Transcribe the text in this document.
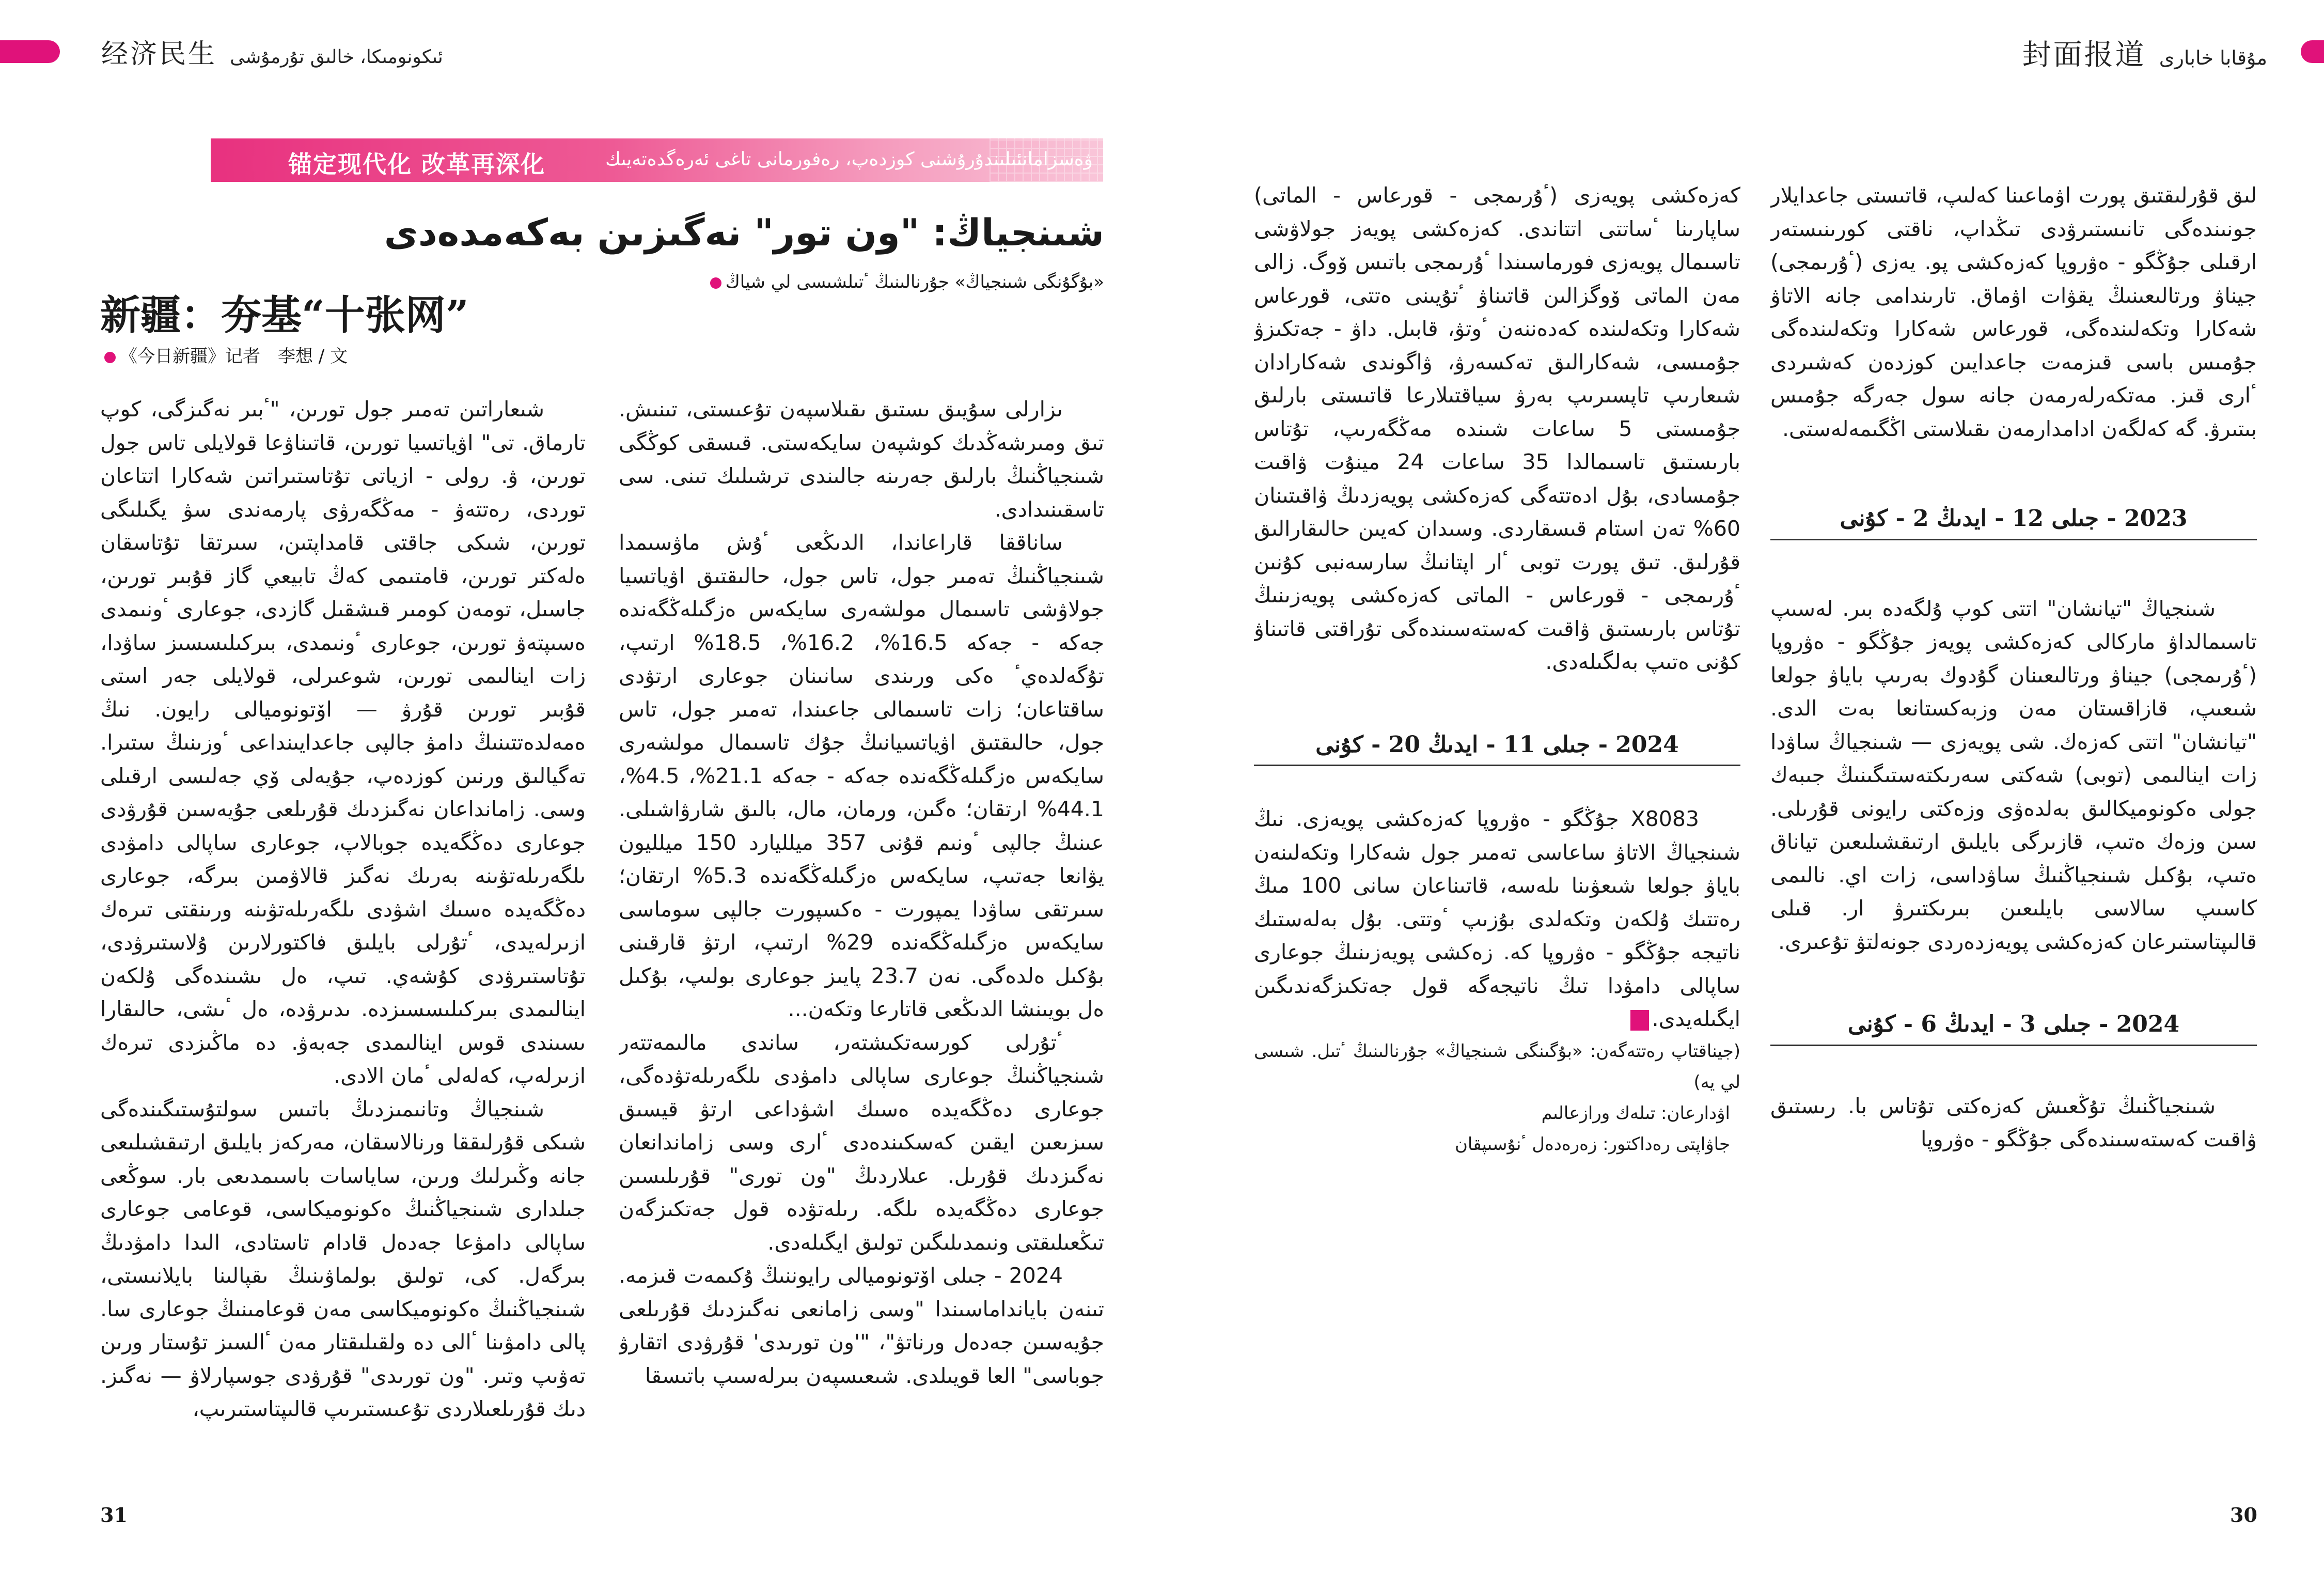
经济民生 ئىكونومىكا، خالىق تۇرمۇشى	封面报道 مۇقابا خابارى
锚定现代化 改革再深化	ۋەسزامانئىلىندۇرۇشنى كوزدەپ، رەفورمانى تاغى ئەرەگدەتەيىك
شىنجياڭ: "ون تور" نەگىزىن بەكەمدەدى
«بۇگۇنگى شىنجياڭ» جۇرنالىنىڭ ٴتىلشىسى لي شياڭ
新疆：夯基“十张网”
《今日新疆》记者　李想 / 文

ىزارلى سۇيىق ىستىق ىقىلاسپەن تۇعىستى، تىنىش. تىق ومىرشەڭدىك كوشپەن سايكەستى. قىسقى كوڭگى شىنجياڭنىڭ بارلىق جەرىنە جالىندى ترشىلىك تىنى. سى تاسقىنىدادى.

ساناققا قاراعاندا، الدىڭعى ٴۇش ماۋسىمدا شىنجياڭنىڭ تەمىر جول، تاس جول، حالىقتىق اۋياتسيا جولاۋشى تاسىمال مولشەرى سايكەس ەزگىلەڭگەندە جەكە - جەكە 16.5%، 16.2%، 18.5% ارتىپ، تۇگەلدەيٴ ەكى ورىندى سانىنان جوعارى ارتۋدى ساقتاعان؛ زات تاسىمالى جاعىندا، تەمىر جول، تاس جول، حالىقتىق اۋياتسيانىڭ جۇك تاسىمال مولشەرى سايكەس ەزگىلەڭگەندە جەكە - جەكە 21.1%، 4.5%، 44.1% ارتقان؛ ەگىن، ورمان، مال، بالىق شارۋاشىلى. عىنىڭ جالپى ٴونىم قۇنى 357 ميلليارد 150 ميلليون يۋانعا جەتىپ، سايكەس ەزگىلەڭگەندە 5.3% ارتقان؛ سىرتقى ساۋدا يمپورت - ەكسپورت جالپى سوماسى سايكەس ەزگىلەڭگەندە 29% ارتىپ، ارتۋ قارقىنى بۇكىل ەلدەگى. نەن 23.7 پايىز جوعارى بولىپ، بۇكىل ەل بويىنشا الدىڭعى قاتارعا وتكەن...

ٴتۇرلى كورسەتكىشتەر، ساندى مالىمەتتەر شىنجياڭنىڭ جوعارى ساپالى دامۋدى ىلگەرىلەتۋدەگى، جوعارى دەڭگەيدە ەسىك اشۋداعى ارتۋ قيسىق سىزىعىن ايقىن كەسكىندەدى ٴارى وسى زاماندانعان نەگىزدىك قۇرىل. عىلاردىڭ "ون تورى" قۇرىلىسىن جوعارى دەڭگەيدە ىلگە. رىلەتۋدە قول جەتكىزگەن تىڭعىلىقتى ونىمدىلىگىن تولىق ايگىلەدى.

2024 - جىلى اۆتونوميالى رايوننىڭ ۇكىمەت قىزمە. تىنەن بايانداماسىندا "وسى زامانعى نەگىزدىك قۇرىلعى جۇيەسىن جەدەل ورناتۋ"، "'ون تورىدى' قۇرۋدى اتقارۋ جوباسى" العا قويىلدى. شىعىسپەن بىرلەسىپ باتىسقا

شىعاراتىن تەمىر جول تورىن، "ٴبىر نەگىزگى، كوپ تارماق. تى" اۋياتسيا تورىن، قاتىناۋعا قولايلى تاس جول تورىن، ۋ. رولى - ازياتى تۇتاستىراتىن شەكارا اتتاعان توردى، رەتتەۋ - مەڭگەرۋى پارمەندى سۋ يگىلىگى تورىن، شىكى جاقتى قامداپتىن، سىرتقا تۇتاسقان ەلەكتر تورىن، قامتىمى كەڭ تابيعي گاز قۇبىر تورىن، جاسىل، تومەن كومىر قىشقىل گازدى، جوعارى ٴونىمدى ەسىپتەۋ تورىن، جوعارى ٴونىمدى، بىركىلىسسىز ساۋدا، زات اينالىمى تورىن، شوعىرلى، قولايلى جەر استى قۇبىر تورىن قۇرۋ — اۆتونوميالى رايون. نىڭ ەمەلدەتتىنىڭ دامۋ جالپى جاعدايىنداعى ٴوزىنىڭ ستىرا. تەگيالىق ورنىن كوزدەپ، جۇيەلى ۆي جەلىسى ارقىلى وسى. زامانداعان نەگىزدىك قۇرىلعى جۇيەسىن قۇرۋدى جوعارى دەڭگەيدە جوبالاپ، جوعارى ساپالى دامۋدى ىلگەرىلەتۋىنە بەرىك نەگىز قالاۋمىن بىرگە، جوعارى دەڭگەيدە ەسىك اشۋدى ىلگەرىلەتۋىنە ورىنقتى تىرەك ازىرلەيدى، ٴتۇرلى بايلىق فاكتورلارىن ۇلاستىرۋدى، تۇتاستىرۋدى كۇشەي. تىپ، ەل ىشىندەگى ۇلكەن اينالىمدى بىركىلىسسىزدە. ىدىرۋدە، ەل ٴىشى، حالىقارا ىسىندى قوس اينالىمدى جەبەۋ. دە ماڭىزدى تىرەك ازىرلەپ، كەلەلى ٴمان الادى.

شىنجياڭ وتانىمىزدىڭ باتىس سولتۇستىگىندەگى شىكى قۇرلىققا ورنالاسقان، مەركەز بايلىق ارتىقشىلىعى جانە وڭىرلىك ورىن، ساياسات باسىمدىعى بار. سوڭعى جىلدارى شىنجياڭنىڭ ەكونوميكاسى، قوعامى جوعارى ساپالى دامۋعا جەدەل قادام تاستادى، الىدا دامۋدىڭ بىرگەل. كى، تولىق بولماۋىنىڭ ىقپالىنا بايلانىستى، شىنجياڭنىڭ ەكونوميكاسى مەن قوعامىنىڭ جوعارى سا. پالى دامۋىنا ٴالى دە ولقىلىقتار مەن ٴالسىز تۇستار ورىن تەۋىپ وتىر. "ون تورىدى" قۇرۋدى جوسپارلاۋ — نەگىز. دىك قۇرىلعىلاردى تۇعىستىرىپ قالىپتاستىرىپ،

لىق قۇرلىقتىق پورت اۋماعىنا كەلىپ، قاتىستى جاعدايلار جونىندەگى تانىستىرۋدى تىڭداپ، ناقتى كورىنىستەر ارقىلى جۇڭگو - ەۋروپا كەزەكشى پو. يەزى (ٴۇرىمجى) جيناۋ ورتالىعىنىڭ يقۋات اۋماق. تارىندامى جانە الاتاۋ شەكارا وتكەلىندەگى، قورعاس شەكارا وتكەلىندەگى جۇمىس باسى قىزمەت جاعدايىن كوزدەن كەشىردى ٴارى قىز. مەتكەرلەرمەن جانە سول جەرگە جۇمىس بىتىرۋ. گە كەلگەن ادامدارمەن ىقىلاستى اڭگىمەلەستى.

2023 - جىلى 12 - ايدىڭ 2 - كۇنى

شىنجياڭ "تيانشان" اتتى كوپ ۇلگەدە بىر. لەسىپ تاسىمالداۋ ماركالى كەزەكشى پويەز جۇڭگو - ەۋروپا (ٴۇرىمجى) جيناۋ ورتالىعىنان گۇدوك بەرىپ باياۋ جولعا شىعىپ، قازاقستان مەن وزبەكستانعا بەت الدى. "تيانشان" اتتى كەزەك. شى پويەزى — شىنجياڭ ساۋدا زات اينالىمى (توبى) شەكتى سەرىكتەستىگىنىڭ جىبەك جولى ەكونوميكالىق بەلدەۋى وزەكتى رايونى قۇرىلى. سىن وزەك ەتىپ، قازىرگى بايلىق ارتىقشىلىعىن تياناق ەتىپ، بۇكىل شىنجياڭنىڭ ساۋداسى، زات اي. نالىمى كاسىپ سالاسى بايلىعىن بىرىكتىرۋ ار. قىلى قالىپتاستىرعان كەزەكشى پويەزدەردى جونەلتۋ تۇعىرى.

2024 - جىلى 3 - ايدىڭ 6 - كۇنى

شىنجياڭنىڭ تۇڭعىش كەزەكتى تۇتاس با. رىستىق ۋاقىت كەستەسىندەگى جۇڭگو - ەۋروپا

كەزەكشى پويەزى (ٴۇرىمجى - قورعاس - الماتى) ساپارىنا ٴساتتى اتتاندى. كەزەكشى پويەز جولاۋشى تاسىمال پويەزى فورماسىندا ٴۇرىمجى باتىس ۆوگ. زالى مەن الماتى ۆوگزالىن قاتىناۋ ٴتۇيىنى ەتتى، قورعاس شەكارا وتكەلىندە كەدەننەن ٴوتۋ، قابىل. داۋ - جەتكىزۋ جۇمىسى، شەكارالىق تەكسەرۋ، ۋاگوندى شەكارادان شىعارىپ تاپسىرىپ بەرۋ سياقتىلارعا قاتىستى بارلىق جۇمىستى 5 ساعات شىندە مەڭگەرىپ، تۇتاس بارىستىق تاسىمالدا 35 ساعات 24 مينۇت ۋاقىت جۇمسادى، بۇل ادەتتەگى كەزەكشى پويەزدىڭ ۋاقىتىنان 60% تەن استام قىسقاردى. وسىدان كەيىن حالىقارالىق قۇرلىق. تىق پورت توبى ٴار اپتانىڭ سارسەنبى كۇنىن ٴۇرىمجى - قورعاس - الماتى كەزەكشى پويەزىنىڭ تۇتاس بارىستىق ۋاقىت كەستەسىندەگى تۇراقتى قاتىناۋ كۇنى ەتىپ بەلگىلەدى.

2024 - جىلى 11 - ايدىڭ 20 - كۇنى

X8083 جۇڭگو - ەۋروپا كەزەكشى پويەزى. نىڭ شىنجياڭ الاتاۋ ساعاسى تەمىر جول شەكارا وتكەلىنەن باياۋ جولعا شىعۋىنا ىلەسە، قاتىناعان سانى 100 مىڭ رەتتىك ۇلكەن وتكەلدى بۇزىپ ٴوتتى. بۇل بەلەستىك ناتيجە جۇڭگو - ەۋروپا كە. زەكشى پويەزىنىڭ جوعارى ساپالى دامۋدا تىڭ ناتيجەگە قول جەتكىزگەندىگىن ايگىلەيدى.J

(جيناقتاپ رەتتەگەن: «بۇگىنگى شىنجياڭ» جۇرنالىنىڭ ٴتىل. شىسى لي يە)

اۋدارعان: تىلەك ورازعالىم

جاۋاپتى رەداكتور: زەرەدەل ٴنۇسىپقان

31	30
